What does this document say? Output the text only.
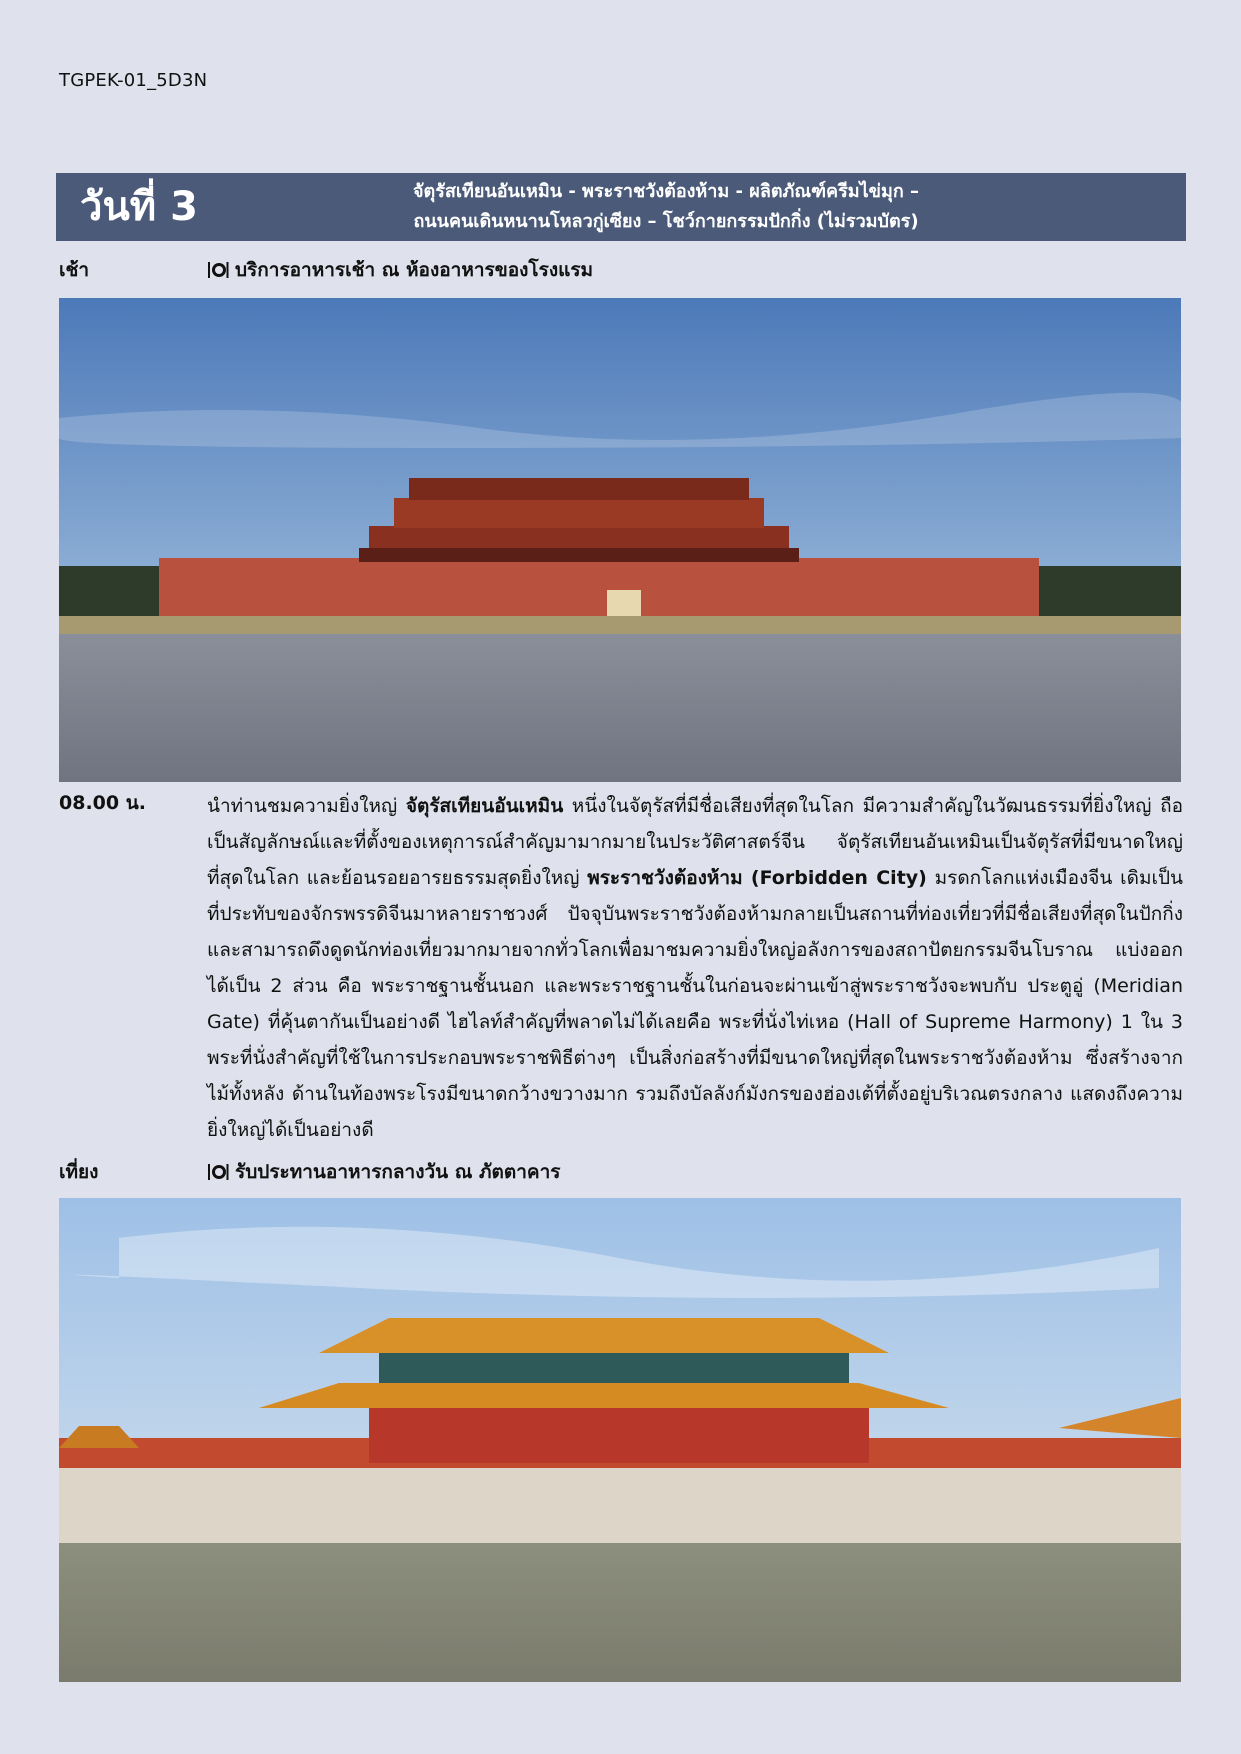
TGPEK-01_5D3N
วันที่ 3	จัตุรัสเทียนอันเหมิน - พระราชวังต้องห้าม - ผลิตภัณฑ์ครีมไข่มุก –
ถนนคนเดินหนานโหลวกู่เซียง – โชว์กายกรรมปักกิ่ง (ไม่รวมบัตร)
เช้า	บริการอาหารเช้า ณ ห้องอาหารของโรงแรม
08.00 น.	นำท่านชมความยิ่งใหญ่ จัตุรัสเทียนอันเหมิน หนึ่งในจัตุรัสที่มีชื่อเสียงที่สุดในโลก มีความสำคัญในวัฒนธรรมที่ยิ่งใหญ่ ถือเป็นสัญลักษณ์และที่ตั้งของเหตุการณ์สำคัญมามากมายในประวัติศาสตร์จีน จัตุรัสเทียนอันเหมินเป็นจัตุรัสที่มีขนาดใหญ่ที่สุดในโลก และย้อนรอยอารยธรรมสุดยิ่งใหญ่ พระราชวังต้องห้าม (Forbidden City) มรดกโลกแห่งเมืองจีน เดิมเป็นที่ประทับของจักรพรรดิจีนมาหลายราชวงศ์ ปัจจุบันพระราชวังต้องห้ามกลายเป็นสถานที่ท่องเที่ยวที่มีชื่อเสียงที่สุดในปักกิ่งและสามารถดึงดูดนักท่องเที่ยวมากมายจากทั่วโลกเพื่อมาชมความยิ่งใหญ่อลังการของสถาปัตยกรรมจีนโบราณ แบ่งออกได้เป็น 2 ส่วน คือ พระราชฐานชั้นนอก และพระราชฐานชั้นในก่อนจะผ่านเข้าสู่พระราชวังจะพบกับ ประตูอู่ (Meridian Gate) ที่คุ้นตากันเป็นอย่างดี ไฮไลท์สำคัญที่พลาดไม่ได้เลยคือ พระที่นั่งไท่เหอ (Hall of Supreme Harmony) 1 ใน 3 พระที่นั่งสำคัญที่ใช้ในการประกอบพระราชพิธีต่างๆ เป็นสิ่งก่อสร้างที่มีขนาดใหญ่ที่สุดในพระราชวังต้องห้าม ซึ่งสร้างจากไม้ทั้งหลัง ด้านในท้องพระโรงมีขนาดกว้างขวางมาก รวมถึงบัลลังก์มังกรของฮ่องเต้ที่ตั้งอยู่บริเวณตรงกลาง แสดงถึงความยิ่งใหญ่ได้เป็นอย่างดี
เที่ยง	รับประทานอาหารกลางวัน ณ ภัตตาคาร
